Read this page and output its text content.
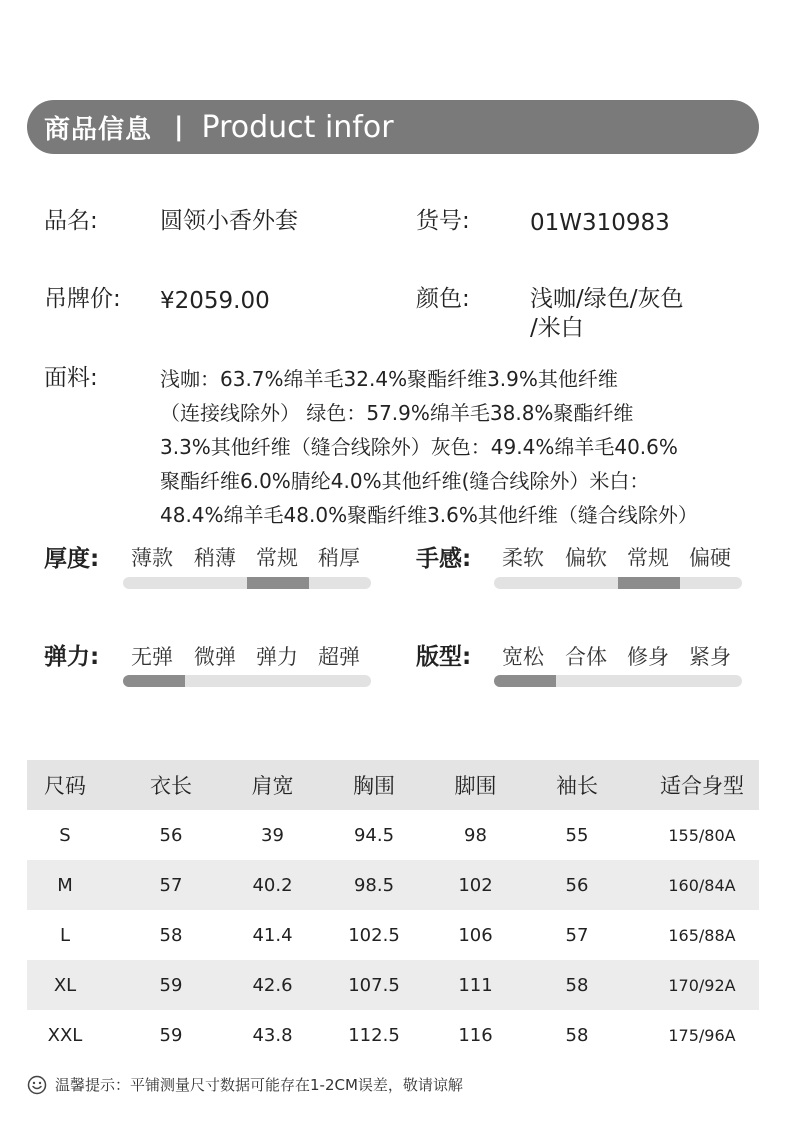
商品信息 | Product infor
品名:	圆领小香外套	货号:	01W310983
吊牌价: ¥2059.00	颜色:	浅咖/绿色/灰色
/米白
面料:	浅咖：63.7%绵羊毛32.4%聚酯纤维3.9%其他纤维
（连接线除外） 绿色：57.9%绵羊毛38.8%聚酯纤维
3.3%其他纤维（缝合线除外）灰色：49.4%绵羊毛40.6%
聚酯纤维6.0%腈纶4.0%其他纤维(缝合线除外）米白：
48.4%绵羊毛48.0%聚酯纤维3.6%其他纤维（缝合线除外）
厚度: 薄款 稍薄 常规 稍厚 手感: 柔软 偏软 常规 偏硬
弹力: 无弹 微弹 弹力 超弹 版型: 宽松 合体 修身 紧身
尺码	衣长	肩宽	胸围	脚围	袖长	适合身型
S	56	39	94.5	98	55	155/80A
M	57	40.2	98.5	102	56	160/84A
L	58	41.4	102.5	106	57	165/88A
XL	59	42.6	107.5	111	58	170/92A
XXL	59	43.8	112.5	116	58	175/96A
温馨提示：平铺测量尺寸数据可能存在1-2CM误差，敬请谅解
